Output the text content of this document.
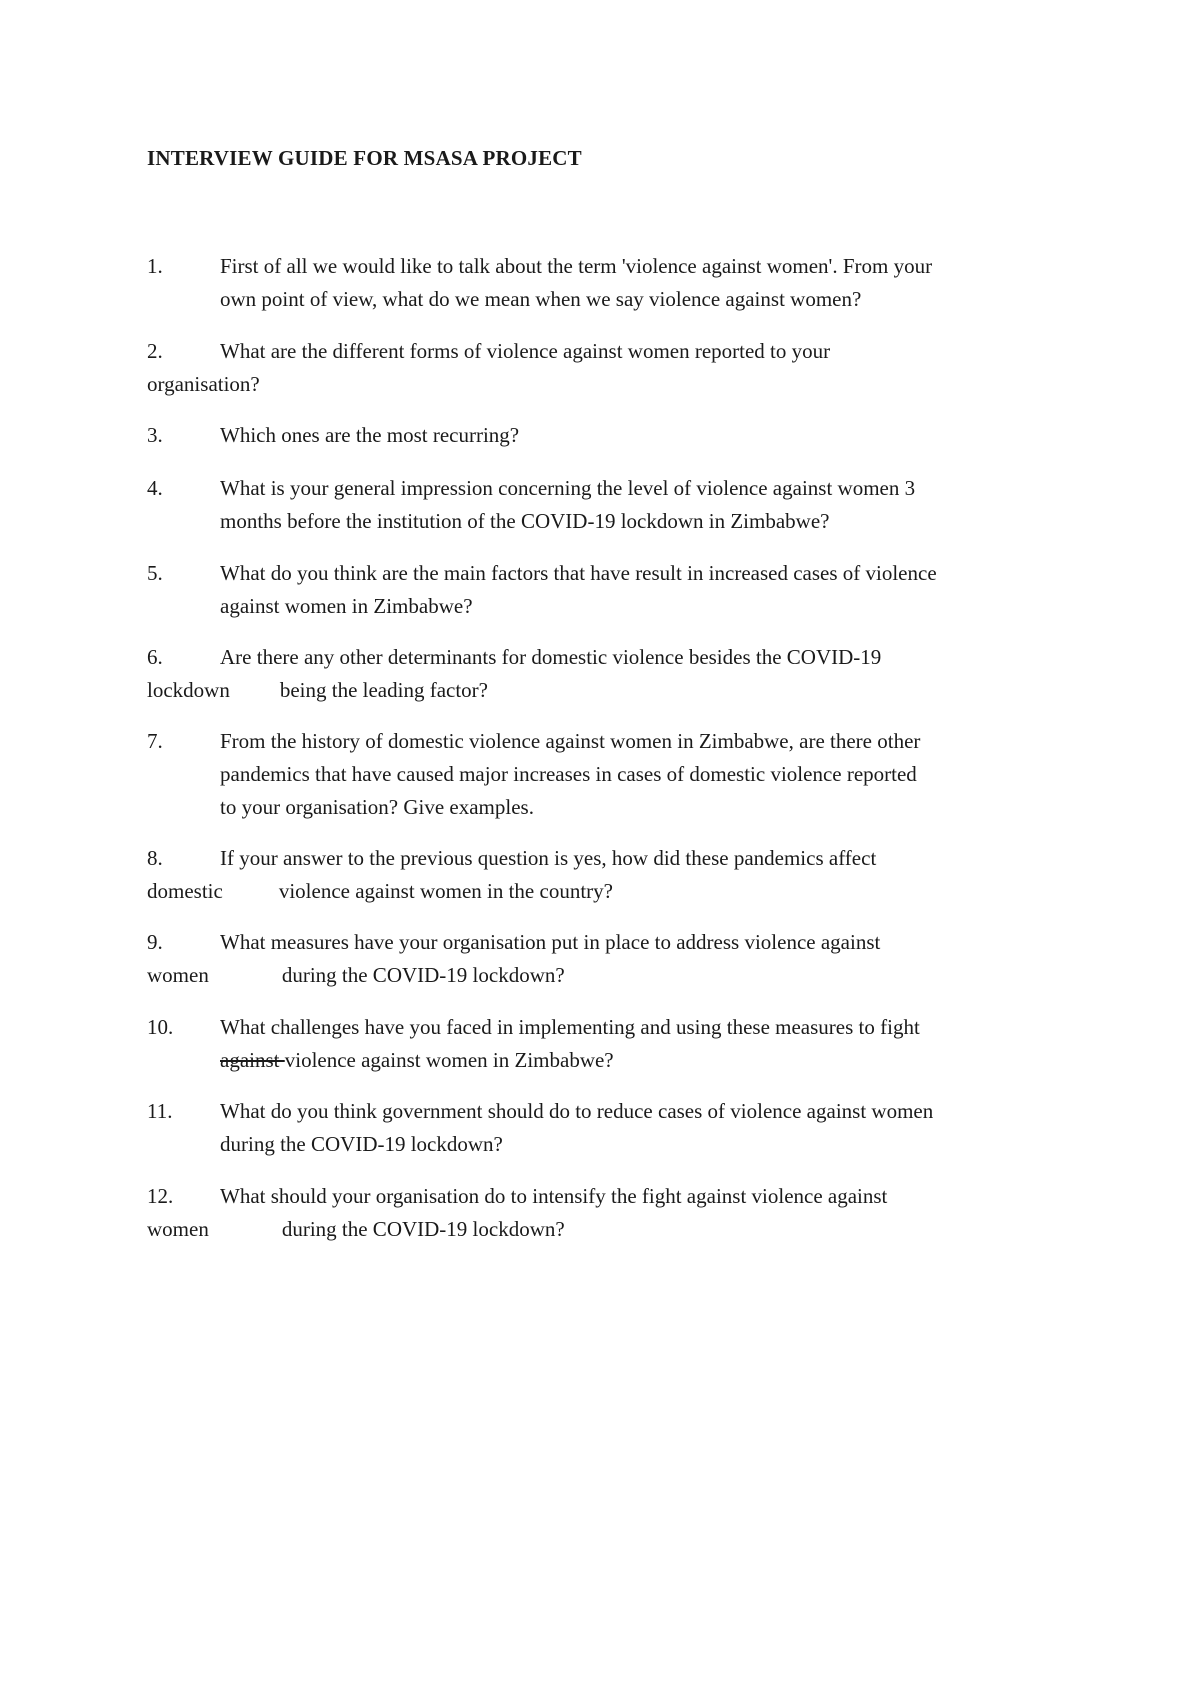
INTERVIEW GUIDE FOR MSASA PROJECT
1.	First of all we would like to talk about the term 'violence against women'. From your
own point of view, what do we mean when we say violence against women?
2.	What are the different forms of violence against women reported to your
organisation?
3.	Which ones are the most recurring?
4.	What is your general impression concerning the level of violence against women 3
months before the institution of the COVID-19 lockdown in Zimbabwe?
5.	What do you think are the main factors that have result in increased cases of violence
against women in Zimbabwe?
6.	Are there any other determinants for domestic violence besides the COVID-19
lockdown being the leading factor?
7.	From the history of domestic violence against women in Zimbabwe, are there other
pandemics that have caused major increases in cases of domestic violence reported
to your organisation? Give examples.
8.	If your answer to the previous question is yes, how did these pandemics affect
domestic	violence against women in the country?
9.	What measures have your organisation put in place to address violence against
women	during the COVID-19 lockdown?
10.	What challenges have you faced in implementing and using these measures to fight
against violence against women in Zimbabwe?
11.	What do you think government should do to reduce cases of violence against women
during the COVID-19 lockdown?
12.	What should your organisation do to intensify the fight against violence against
women	during the COVID-19 lockdown?
